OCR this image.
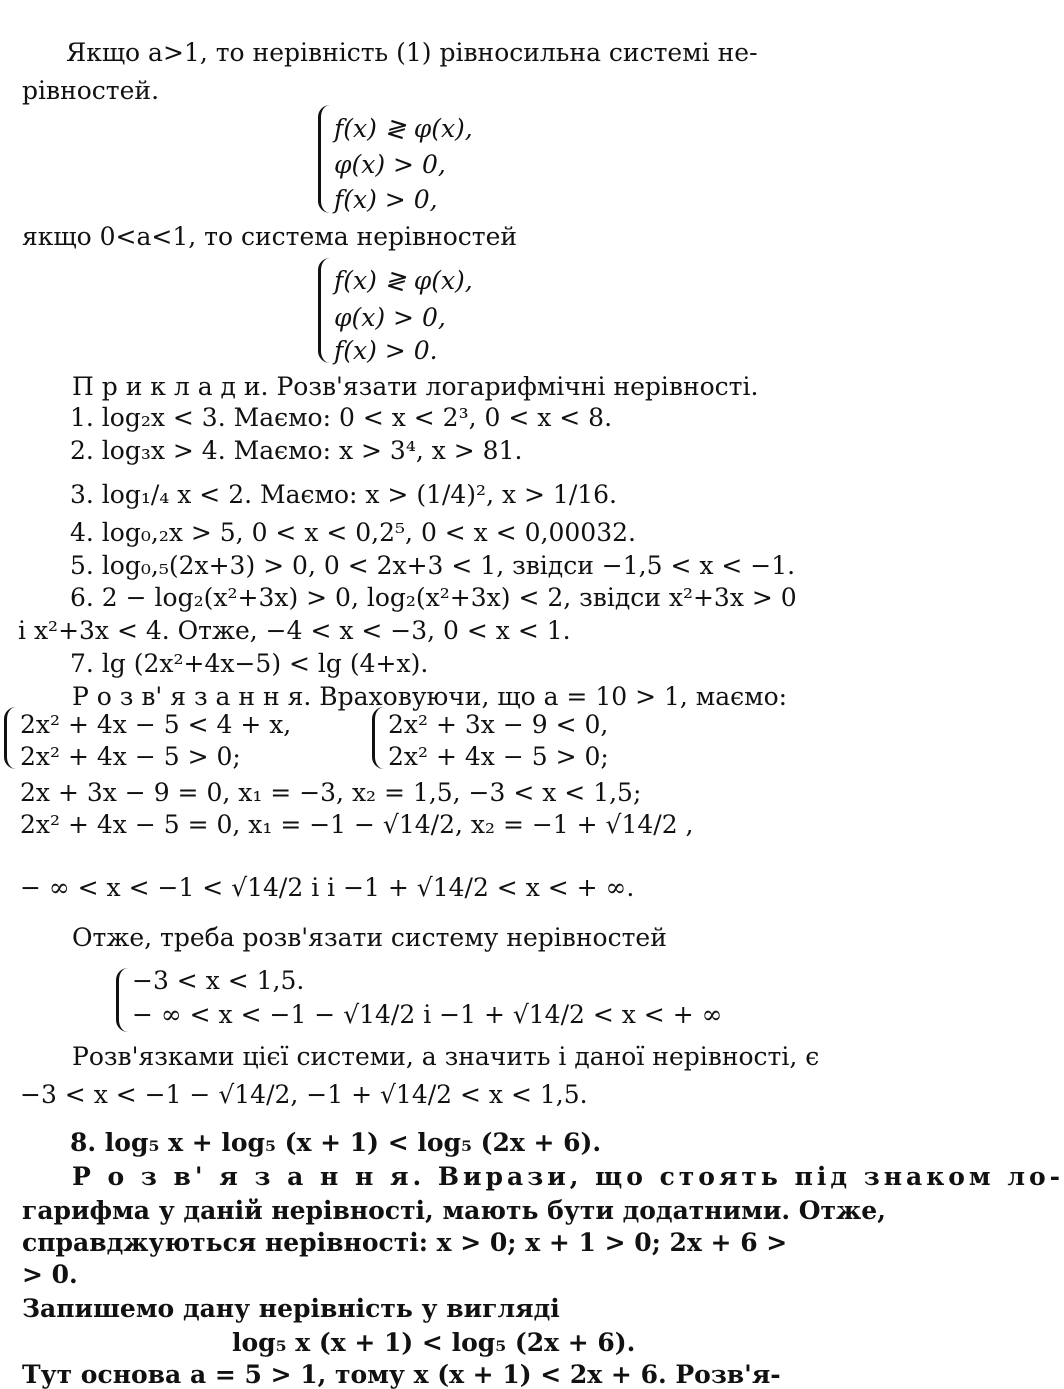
Якщо a>1, то нерівність (1) рівносильна системі не-
рівностей.
f(x) ≷ φ(x),
φ(x) > 0,
f(x) > 0,
якщо 0<a<1, то система нерівностей
f(x) ≷ φ(x),
φ(x) > 0,
f(x) > 0.
П р и к л а д и. Розв'язати логарифмічні нерівності.
1. log₂x < 3. Маємо: 0 < x < 2³, 0 < x < 8.
2. log₃x > 4. Маємо: x > 3⁴, x > 81.
3. log₁/₄ x < 2. Маємо: x > (1/4)², x > 1/16.
4. log₀,₂x > 5, 0 < x < 0,2⁵, 0 < x < 0,00032.
5. log₀,₅(2x+3) > 0, 0 < 2x+3 < 1, звідси −1,5 < x < −1.
6. 2 − log₂(x²+3x) > 0, log₂(x²+3x) < 2, звідси x²+3x > 0
і x²+3x < 4. Отже, −4 < x < −3, 0 < x < 1.
7. lg (2x²+4x−5) < lg (4+x).
Р о з в' я з а н н я. Враховуючи, що a = 10 > 1, маємо:
2x² + 4x − 5 < 4 + x,	2x² + 3x − 9 < 0,
2x² + 4x − 5 > 0;	2x² + 4x − 5 > 0;
2x + 3x − 9 = 0, x₁ = −3, x₂ = 1,5, −3 < x < 1,5;
2x² + 4x − 5 = 0, x₁ = −1 − √14/2, x₂ = −1 + √14/2 ,
− ∞ < x < −1 < √14/2 і і −1 + √14/2 < x < + ∞.
Отже, треба розв'язати систему нерівностей
−3 < x < 1,5.
− ∞ < x < −1 − √14/2 і −1 + √14/2 < x < + ∞
Розв'язками цієї системи, а значить і даної нерівності, є
−3 < x < −1 − √14/2, −1 + √14/2 < x < 1,5.
8. log₅ x + log₅ (x + 1) < log₅ (2x + 6).
Р о з в' я з а н н я. Вирази, що стоять під знаком ло-
гарифма у даній нерівності, мають бути додатними. Отже,
справджуються нерівності: x > 0; x + 1 > 0; 2x + 6 >
> 0.
Запишемо дану нерівність у вигляді
log₅ x (x + 1) < log₅ (2x + 6).
Тут основа a = 5 > 1, тому x (x + 1) < 2x + 6. Розв'я-
